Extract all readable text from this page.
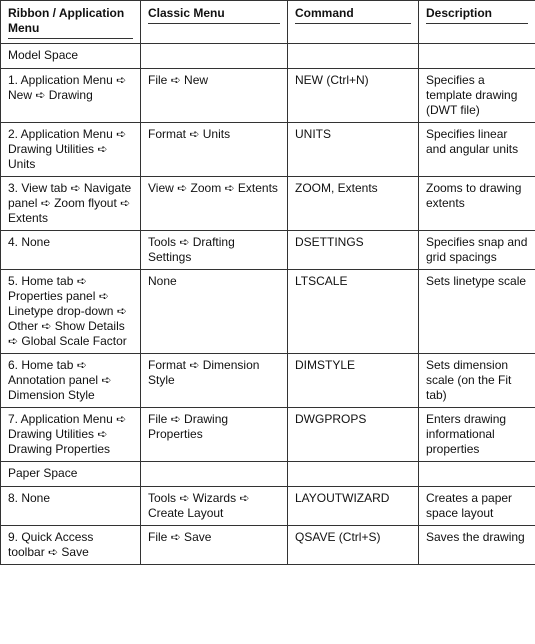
Ribbon / Application Menu	Classic Menu	Command	Description

Model Space			
1. Application Menu ➪ New ➪ Drawing	File ➪ New	NEW (Ctrl+N)	Specifies a template drawing (DWT file)
2. Application Menu ➪ Drawing Utilities ➪ Units	Format ➪ Units	UNITS	Specifies linear and angular units
3. View tab ➪ Navigate panel ➪ Zoom flyout ➪ Extents	View ➪ Zoom ➪ Extents	ZOOM, Extents	Zooms to drawing extents
4. None	Tools ➪ Drafting Settings	DSETTINGS	Specifies snap and grid spacings
5. Home tab ➪ Properties panel ➪ Linetype drop-down ➪ Other ➪ Show Details ➪ Global Scale Factor	None	LTSCALE	Sets linetype scale
6. Home tab ➪ Annotation panel ➪ Dimension Style	Format ➪ Dimension Style	DIMSTYLE	Sets dimension scale (on the Fit tab)
7. Application Menu ➪ Drawing Utilities ➪ Drawing Properties	File ➪ Drawing Properties	DWGPROPS	Enters drawing informational properties
Paper Space			
8. None	Tools ➪ Wizards ➪ Create Layout	LAYOUTWIZARD	Creates a paper space layout
9. Quick Access toolbar ➪ Save	File ➪ Save	QSAVE (Ctrl+S)	Saves the drawing
